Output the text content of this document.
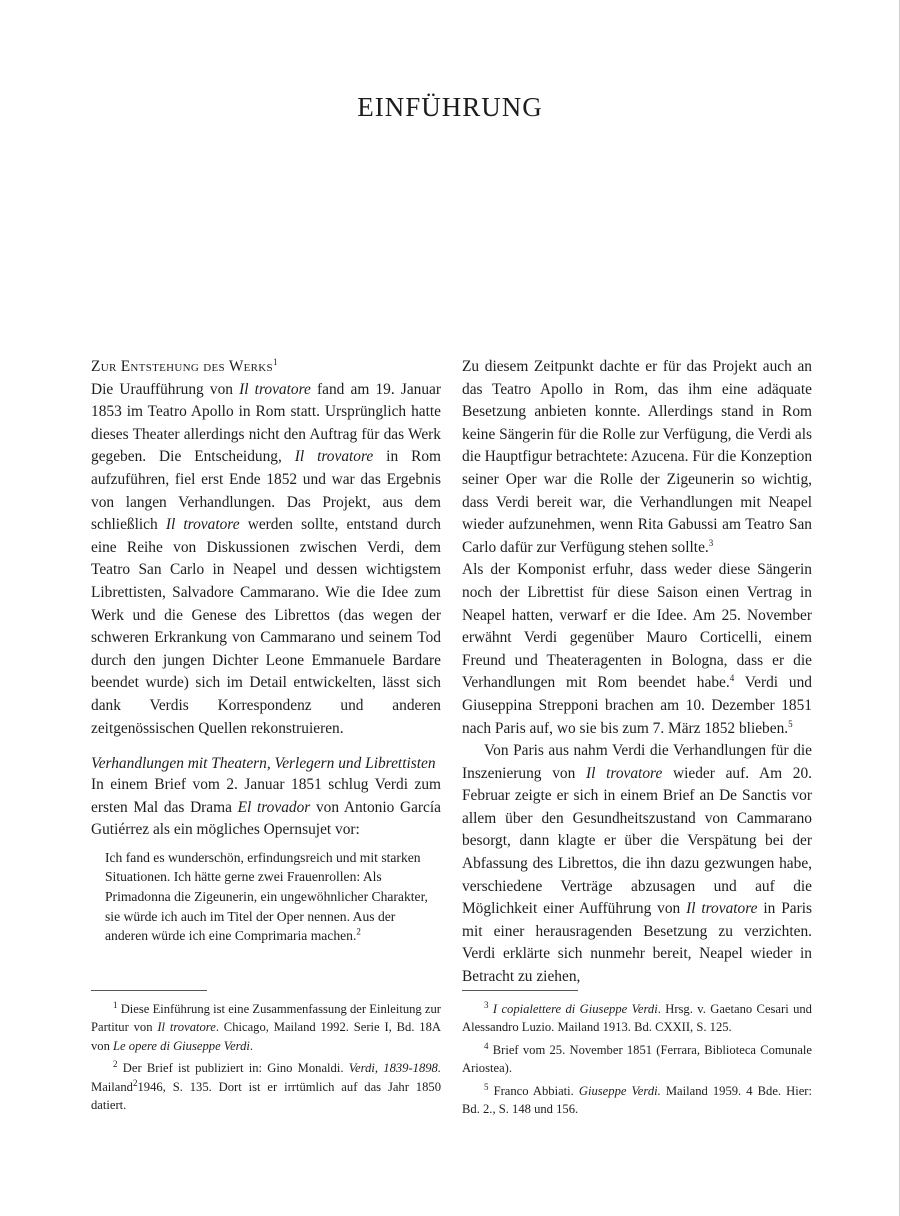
EINFÜHRUNG

Zur Entstehung des Werks$^1$

Die Uraufführung von Il trovatore fand am 19. Januar 1853 im Teatro Apollo in Rom statt. Ursprünglich hatte dieses Theater allerdings nicht den Auftrag für das Werk gegeben. Die Entscheidung, Il trovatore in Rom aufzuführen, fiel erst Ende 1852 und war das Ergebnis von langen Verhandlungen. Das Projekt, aus dem schließlich Il trovatore werden sollte, entstand durch eine Reihe von Diskussionen zwischen Verdi, dem Teatro San Carlo in Neapel und dessen wichtigstem Librettisten, Salvadore Cammarano. Wie die Idee zum Werk und die Genese des Librettos (das wegen der schweren Erkrankung von Cammarano und seinem Tod durch den jungen Dichter Leone Emmanuele Bardare beendet wurde) sich im Detail entwickelten, lässt sich dank Verdis Korrespondenz und anderen zeitgenössischen Quellen rekonstruieren.

Verhandlungen mit Theatern, Verlegern und Librettisten

In einem Brief vom 2. Januar 1851 schlug Verdi zum ersten Mal das Drama El trovador von Antonio García Gutiérrez als ein mögliches Opernsujet vor:

Ich fand es wunderschön, erfindungsreich und mit starken Situationen. Ich hätte gerne zwei Frauenrollen: Als Primadonna die Zigeunerin, ein ungewöhnlicher Charakter, sie würde ich auch im Titel der Oper nennen. Aus der anderen würde ich eine Comprimaria machen.$^2$

Zu diesem Zeitpunkt dachte er für das Projekt auch an das Teatro Apollo in Rom, das ihm eine adäquate Besetzung anbieten konnte. Allerdings stand in Rom keine Sängerin für die Rolle zur Verfügung, die Verdi als die Hauptfigur betrachtete: Azucena. Für die Konzeption seiner Oper war die Rolle der Zigeunerin so wichtig, dass Verdi bereit war, die Verhandlungen mit Neapel wieder aufzunehmen, wenn Rita Gabussi am Teatro San Carlo dafür zur Verfügung stehen sollte.$^3$

Als der Komponist erfuhr, dass weder diese Sängerin noch der Librettist für diese Saison einen Vertrag in Neapel hatten, verwarf er die Idee. Am 25. November erwähnt Verdi gegenüber Mauro Corticelli, einem Freund und Theateragenten in Bologna, dass er die Verhandlungen mit Rom beendet habe.$^4$ Verdi und Giuseppina Strepponi brachen am 10. Dezember 1851 nach Paris auf, wo sie bis zum 7. März 1852 blieben.$^5$

Von Paris aus nahm Verdi die Verhandlungen für die Inszenierung von Il trovatore wieder auf. Am 20. Februar zeigte er sich in einem Brief an De Sanctis vor allem über den Gesundheitszustand von Cammarano besorgt, dann klagte er über die Verspätung bei der Abfassung des Librettos, die ihn dazu gezwungen habe, verschiedene Verträge abzusagen und auf die Möglichkeit einer Aufführung von Il trovatore in Paris mit einer herausragenden Besetzung zu verzichten. Verdi erklärte sich nunmehr bereit, Neapel wieder in Betracht zu ziehen,

$^1$ Diese Einführung ist eine Zusammenfassung der Einleitung zur Partitur von Il trovatore. Chicago, Mailand 1992. Serie I, Bd. 18A von Le opere di Giuseppe Verdi.

$^2$ Der Brief ist publiziert in: Gino Monaldi. Verdi, 1839-1898. Mailand$^2$1946, S. 135. Dort ist er irrtümlich auf das Jahr 1850 datiert.

$^3$ I copialettere di Giuseppe Verdi. Hrsg. v. Gaetano Cesari und Alessandro Luzio. Mailand 1913. Bd. CXXII, S. 125.

$^4$ Brief vom 25. November 1851 (Ferrara, Biblioteca Comunale Ariostea).

$^5$ Franco Abbiati. Giuseppe Verdi. Mailand 1959. 4 Bde. Hier: Bd. 2., S. 148 und 156.
